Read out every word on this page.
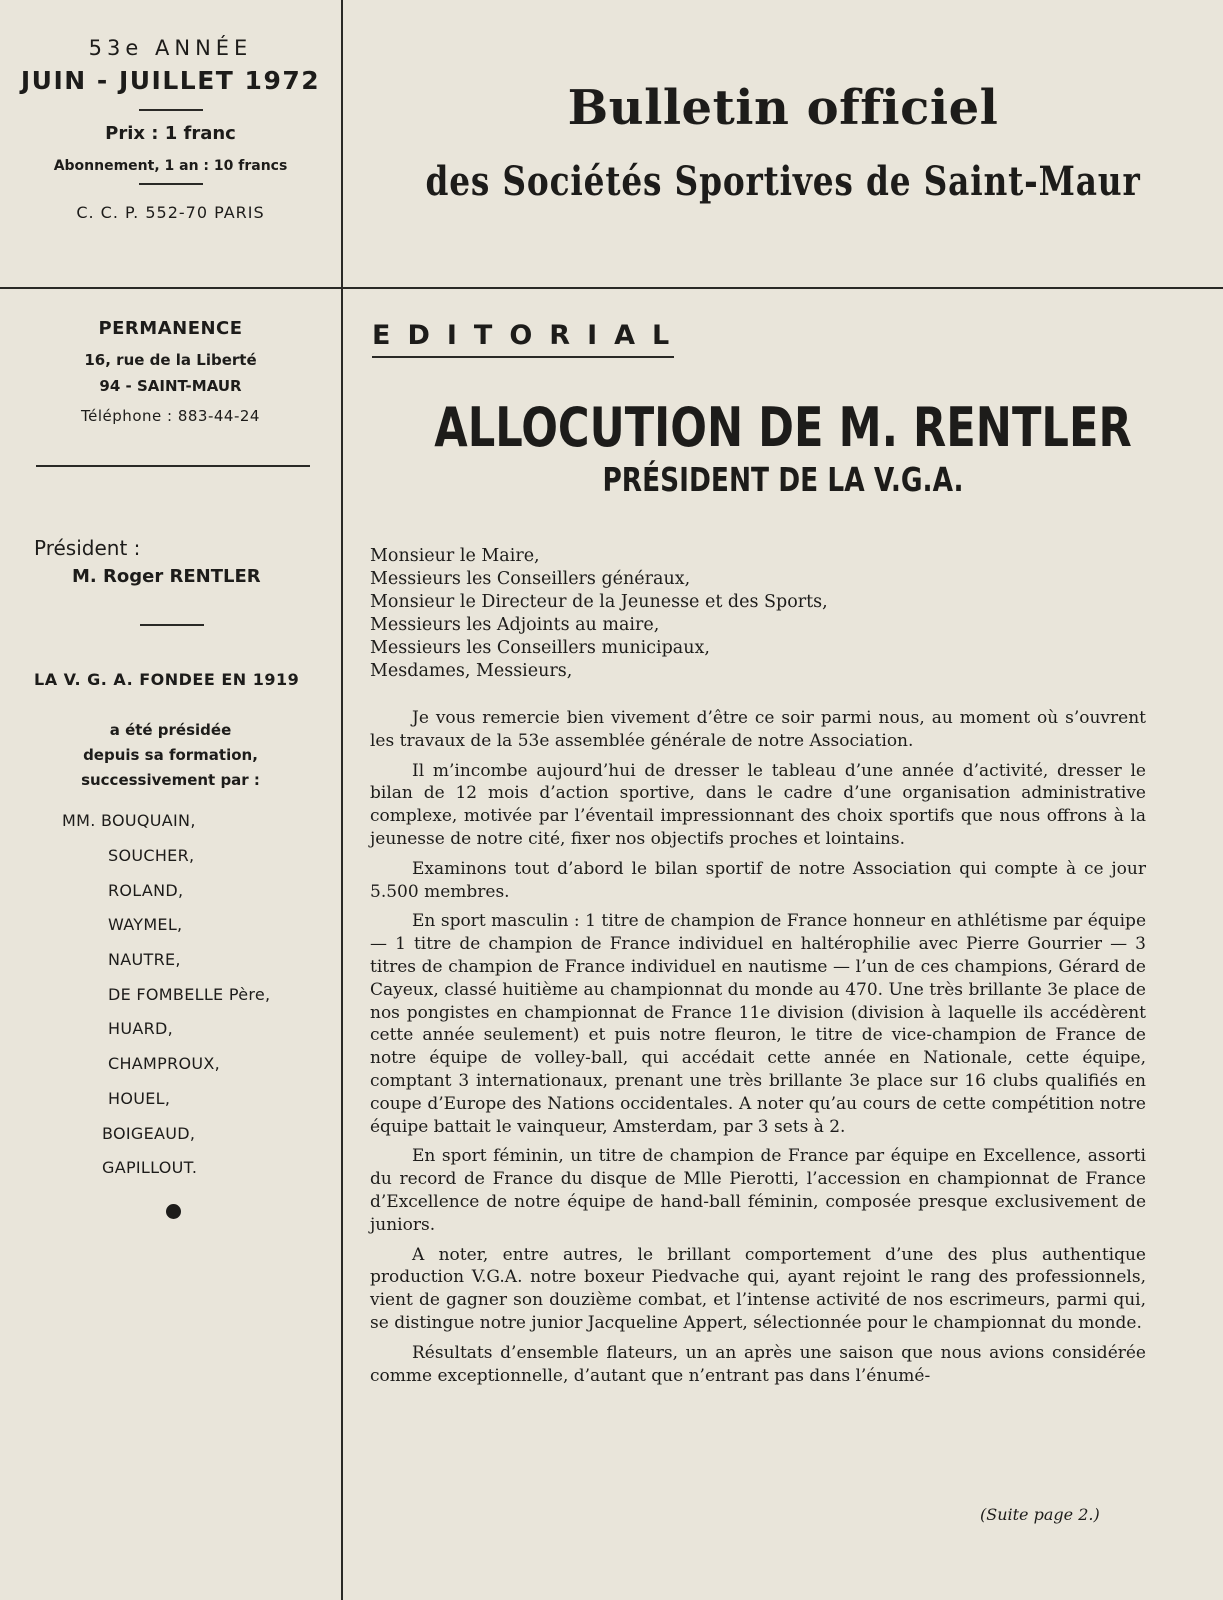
53e ANNÉE

JUIN - JUILLET 1972

Prix : 1 franc

Abonnement, 1 an : 10 francs

C. C. P. 552-70 PARIS

Bulletin officiel
des Sociétés Sportives de Saint-Maur

PERMANENCE

16, rue de la Liberté

94 - SAINT-MAUR

Téléphone : 883-44-24

Président :

M. Roger RENTLER

LA V. G. A. FONDEE EN 1919

a été présidée

depuis sa formation,

successivement par :

MM. BOUQUAIN,

SOUCHER,
ROLAND,
WAYMEL,
NAUTRE,
DE FOMBELLE Père,
HUARD,
CHAMPROUX,
HOUEL,
BOIGEAUD,
GAPILLOUT.

EDITORIAL

ALLOCUTION DE M. RENTLER
PRÉSIDENT DE LA V.G.A.

Monsieur le Maire,

Messieurs les Conseillers généraux,

Monsieur le Directeur de la Jeunesse et des Sports,

Messieurs les Adjoints au maire,

Messieurs les Conseillers municipaux,

Mesdames, Messieurs,

Je vous remercie bien vivement d’être ce soir parmi nous, au moment où s’ouvrent les travaux de la 53e assemblée générale de notre Association.

Il m’incombe aujourd’hui de dresser le tableau d’une année d’activité, dresser le bilan de 12 mois d’action sportive, dans le cadre d’une organisation administrative complexe, motivée par l’éventail impressionnant des choix sportifs que nous offrons à la jeunesse de notre cité, fixer nos objectifs proches et lointains.

Examinons tout d’abord le bilan sportif de notre Association qui compte à ce jour 5.500 membres.

En sport masculin : 1 titre de champion de France honneur en athlétisme par équipe — 1 titre de champion de France individuel en haltérophilie avec Pierre Gourrier — 3 titres de champion de France individuel en nautisme — l’un de ces champions, Gérard de Cayeux, classé huitième au championnat du monde au 470. Une très brillante 3e place de nos pongistes en championnat de France 11e division (division à laquelle ils accédèrent cette année seulement) et puis notre fleuron, le titre de vice-champion de France de notre équipe de volley-ball, qui accédait cette année en Nationale, cette équipe, comptant 3 internationaux, prenant une très brillante 3e place sur 16 clubs qualifiés en coupe d’Europe des Nations occidentales. A noter qu’au cours de cette compétition notre équipe battait le vainqueur, Amsterdam, par 3 sets à 2.

En sport féminin, un titre de champion de France par équipe en Excellence, assorti du record de France du disque de Mlle Pierotti, l’accession en championnat de France d’Excellence de notre équipe de hand-ball féminin, composée presque exclusivement de juniors.

A noter, entre autres, le brillant comportement d’une des plus authentique production V.G.A. notre boxeur Piedvache qui, ayant rejoint le rang des professionnels, vient de gagner son douzième combat, et l’intense activité de nos escrimeurs, parmi qui, se distingue notre junior Jacqueline Appert, sélectionnée pour le championnat du monde.

Résultats d’ensemble flateurs, un an après une saison que nous avions considérée comme exceptionnelle, d’autant que n’entrant pas dans l’énumé-

(Suite page 2.)
